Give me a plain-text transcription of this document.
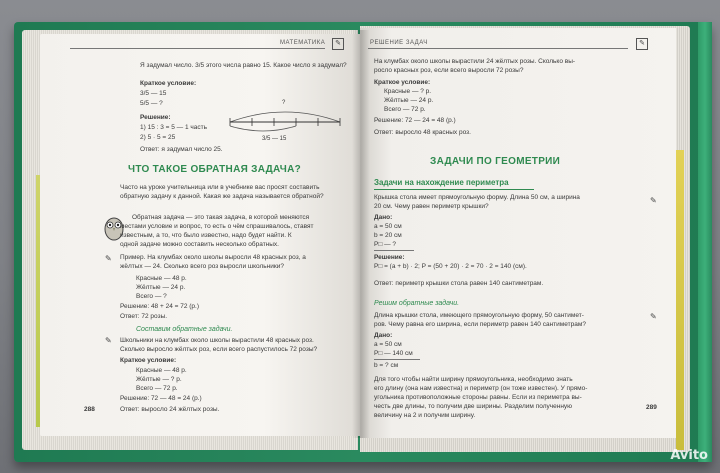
МАТЕМАТИКА	✎
Я задумал число. 3/5 этого числа равно 15. Какое число я задумал?
Краткое условие:
3/5 — 15
5/5 — ?
Решение:
1) 15 : 3 = 5 — 1 часть
2) 5 · 5 = 25
Ответ: я задумал число 25.
?
3/5 — 15
ЧТО ТАКОЕ ОБРАТНАЯ ЗАДАЧА?
Часто на уроке учительница или в учебнике вас просят составить
обратную задачу к данной. Какая же задача называется обратной?
Обратная задача — это такая задача, в которой меняются
местами условие и вопрос, то есть о чём спрашивалось, ставят
известным, а то, что было известно, надо будет найти. К
одной задаче можно составить несколько обратных.
✎	Пример. На клумбах около школы выросли 48 красных роз, а
жёлтых — 24. Сколько всего роз выросли школьники?
Красные — 48 р.
Жёлтые — 24 р.
Всего — ?
Решение: 48 + 24 = 72 (р.)
Ответ: 72 розы.
Составим обратные задачи.
✎	Школьники на клумбах около школы вырастили 48 красных роз.
Сколько выросло жёлтых роз, если всего распустилось 72 розы?
Краткое условие:
Красные — 48 р.
Жёлтые — ? р.
Всего — 72 р.
Решение: 72 — 48 = 24 (р.)
288	Ответ: выросло 24 жёлтых розы.
РЕШЕНИЕ ЗАДАЧ	✎
На клумбах около школы вырастили 24 жёлтых розы. Сколько вы-
росло красных роз, если всего выросли 72 розы?
Краткое условие:
Красные — ? р.
Жёлтые — 24 р.
Всего — 72 р.
Решение: 72 — 24 = 48 (р.)
Ответ: выросло 48 красных роз.
ЗАДАЧИ ПО ГЕОМЕТРИИ
Задачи на нахождение периметра
✎
Крышка стола имеет прямоугольную форму. Длина 50 см, а ширина
20 см. Чему равен периметр крышки?
Дано:
a = 50 см
b = 20 см
P□ — ?
Решение:
P□ = (a + b) · 2; P = (50 + 20) · 2 = 70 · 2 = 140 (см).
Ответ: периметр крышки стола равен 140 сантиметрам.
Решим обратные задачи.
✎
Длина крышки стола, имеющего прямоугольную форму, 50 сантимет-
ров. Чему равна его ширина, если периметр равен 140 сантиметрам?
Дано:
a = 50 см
P□ — 140 см
b = ? см
Для того чтобы найти ширину прямоугольника, необходимо знать
его длину (она нам известна) и периметр (он тоже известен). У прямо-
угольника противоположные стороны равны. Если из периметра вы-
честь две длины, то получим две ширины. Разделим полученную
величину на 2 и получим ширину.
289
Avito
